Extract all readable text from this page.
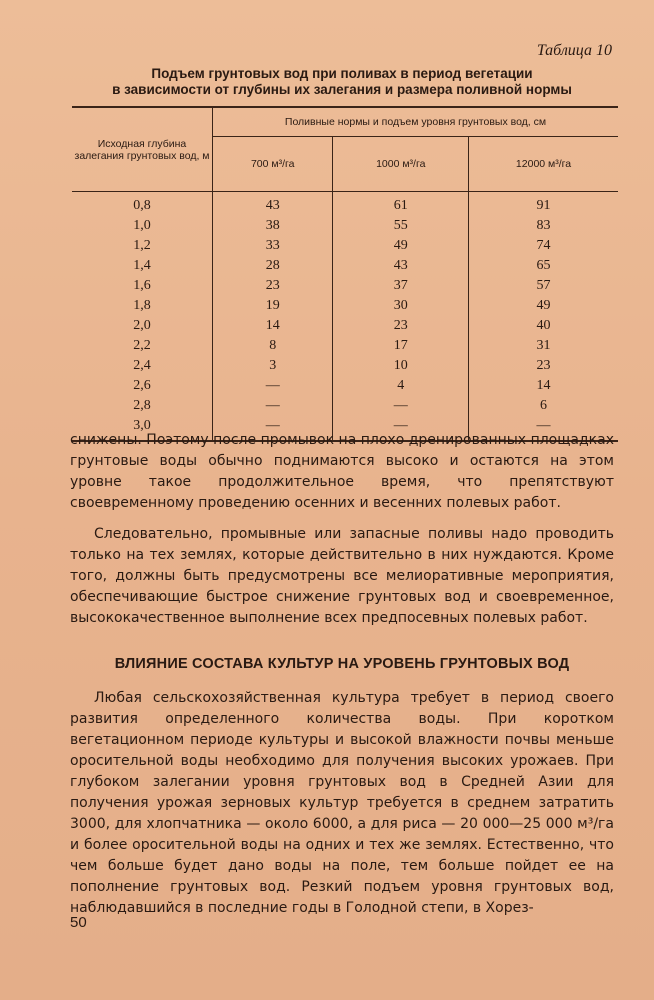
Таблица 10
Подъем грунтовых вод при поливах в период вегетации
в зависимости от глубины их залегания и размера поливной нормы
Исходная глубина залегания грунтовых вод, м	Поливные нормы и подъем уровня грунтовых вод, см		
	700 м³/га	1000 м³/га	12000 м³/га
0,8	43	61	91
1,0	38	55	83
1,2	33	49	74
1,4	28	43	65
1,6	23	37	57
1,8	19	30	49
2,0	14	23	40
2,2	8	17	31
2,4	3	10	23
2,6	—	4	14
2,8	—	—	6
3,0	—	—	—
снижены. Поэтому после промывок на плохо дренированных площадках грунтовые воды обычно поднимаются высоко и остаются на этом уровне такое продолжительное время, что препятствуют своевременному проведению осенних и весенних полевых работ.
Следовательно, промывные или запасные поливы надо проводить только на тех землях, которые действительно в них нуждаются. Кроме того, должны быть предусмотрены все мелиоративные мероприятия, обеспечивающие быстрое снижение грунтовых вод и своевременное, высококачественное выполнение всех предпосевных полевых работ.
ВЛИЯНИЕ СОСТАВА КУЛЬТУР НА УРОВЕНЬ ГРУНТОВЫХ ВОД
Любая сельскохозяйственная культура требует в период своего развития определенного количества воды. При коротком вегетационном периоде культуры и высокой влажности почвы меньше оросительной воды необходимо для получения высоких урожаев. При глубоком залегании уровня грунтовых вод в Средней Азии для получения урожая зерновых культур требуется в среднем затратить 3000, для хлопчатника — около 6000, а для риса — 20 000—25 000 м³/га и более оросительной воды на одних и тех же землях. Естественно, что чем больше будет дано воды на поле, тем больше пойдет ее на пополнение грунтовых вод. Резкий подъем уровня грунтовых вод, наблюдавшийся в последние годы в Голодной степи, в Хорез-
50
